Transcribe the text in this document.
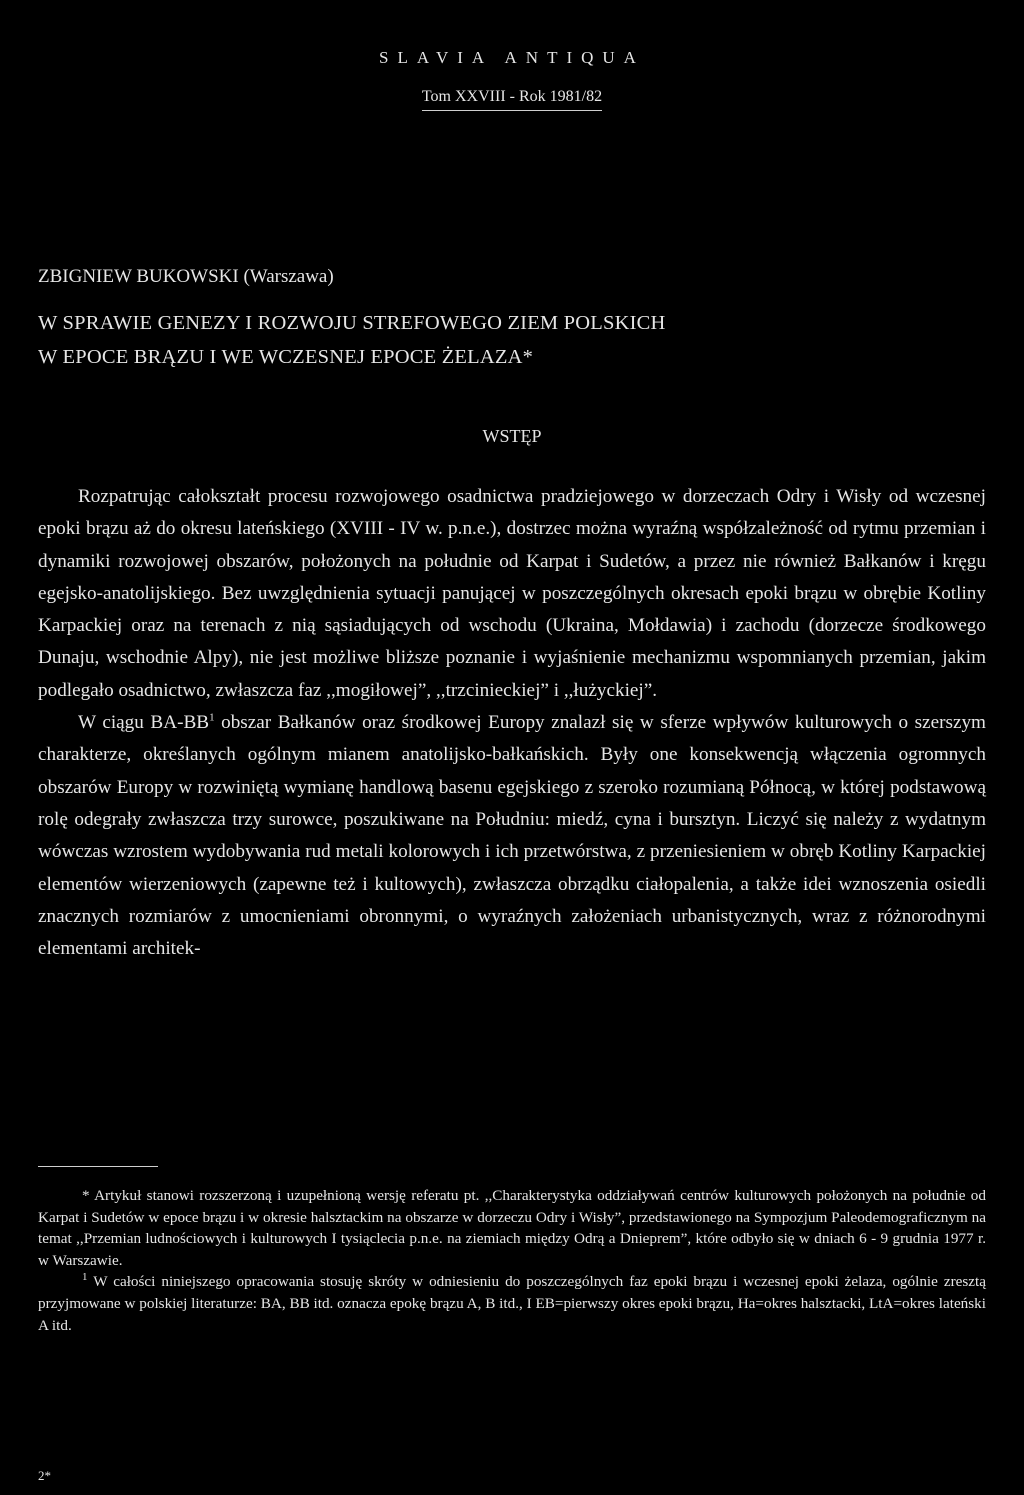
SLAVIA ANTIQUA
Tom XXVIII - Rok 1981/82
ZBIGNIEW BUKOWSKI (Warszawa)
W SPRAWIE GENEZY I ROZWOJU STREFOWEGO ZIEM POLSKICH
W EPOCE BRĄZU I WE WCZESNEJ EPOCE ŻELAZA*
WSTĘP

Rozpatrując całokształt procesu rozwojowego osadnictwa pradziejowego w dorzeczach Odry i Wisły od wczesnej epoki brązu aż do okresu lateńskiego (XVIII - IV w. p.n.e.), dostrzec można wyraźną współzależność od rytmu przemian i dynamiki rozwojowej obszarów, położonych na południe od Karpat i Sudetów, a przez nie również Bałkanów i kręgu egejsko-anatolijskiego. Bez uwzględnienia sytuacji panującej w poszczególnych okresach epoki brązu w obrębie Kotliny Karpackiej oraz na terenach z nią sąsiadujących od wschodu (Ukraina, Mołdawia) i zachodu (dorzecze środkowego Dunaju, wschodnie Alpy), nie jest możliwe bliższe poznanie i wyjaśnienie mechanizmu wspomnianych przemian, jakim podlegało osadnictwo, zwłaszcza faz ,,mogiłowej”, ,,trzcinieckiej” i ,,łużyckiej”.

W ciągu $BA-BB^1$ obszar Bałkanów oraz środkowej Europy znalazł się w sferze wpływów kulturowych o szerszym charakterze, określanych ogólnym mianem anatolijsko-bałkańskich. Były one konsekwencją włączenia ogromnych obszarów Europy w rozwiniętą wymianę handlową basenu egejskiego z szeroko rozumianą Północą, w której podstawową rolę odegrały zwłaszcza trzy surowce, poszukiwane na Południu: miedź, cyna i bursztyn. Liczyć się należy z wydatnym wówczas wzrostem wydobywania rud metali kolorowych i ich przetwórstwa, z przeniesieniem w obręb Kotliny Karpackiej elementów wierzeniowych (zapewne też i kultowych), zwłaszcza obrządku ciałopalenia, a także idei wznoszenia osiedli znacznych rozmiarów z umocnieniami obronnymi, o wyraźnych założeniach urbanistycznych, wraz z różnorodnymi elementami architek-

* Artykuł stanowi rozszerzoną i uzupełnioną wersję referatu pt. ,,Charakterystyka oddziaływań centrów kulturowych położonych na południe od Karpat i Sudetów w epoce brązu i w okresie halsztackim na obszarze w dorzeczu Odry i Wisły”, przedstawionego na Sympozjum Paleodemograficznym na temat ,,Przemian ludnościowych i kulturowych I tysiąclecia p.n.e. na ziemiach między Odrą a Dnieprem”, które odbyło się w dniach 6 - 9 grudnia 1977 r. w Warszawie.

$^1$ W całości niniejszego opracowania stosuję skróty w odniesieniu do poszczególnych faz epoki brązu i wczesnej epoki żelaza, ogólnie zresztą przyjmowane w polskiej literaturze: BA, BB itd. oznacza epokę brązu A, B itd., I EB=pierwszy okres epoki brązu, Ha=okres halsztacki, LtA=okres lateński A itd.

2*
